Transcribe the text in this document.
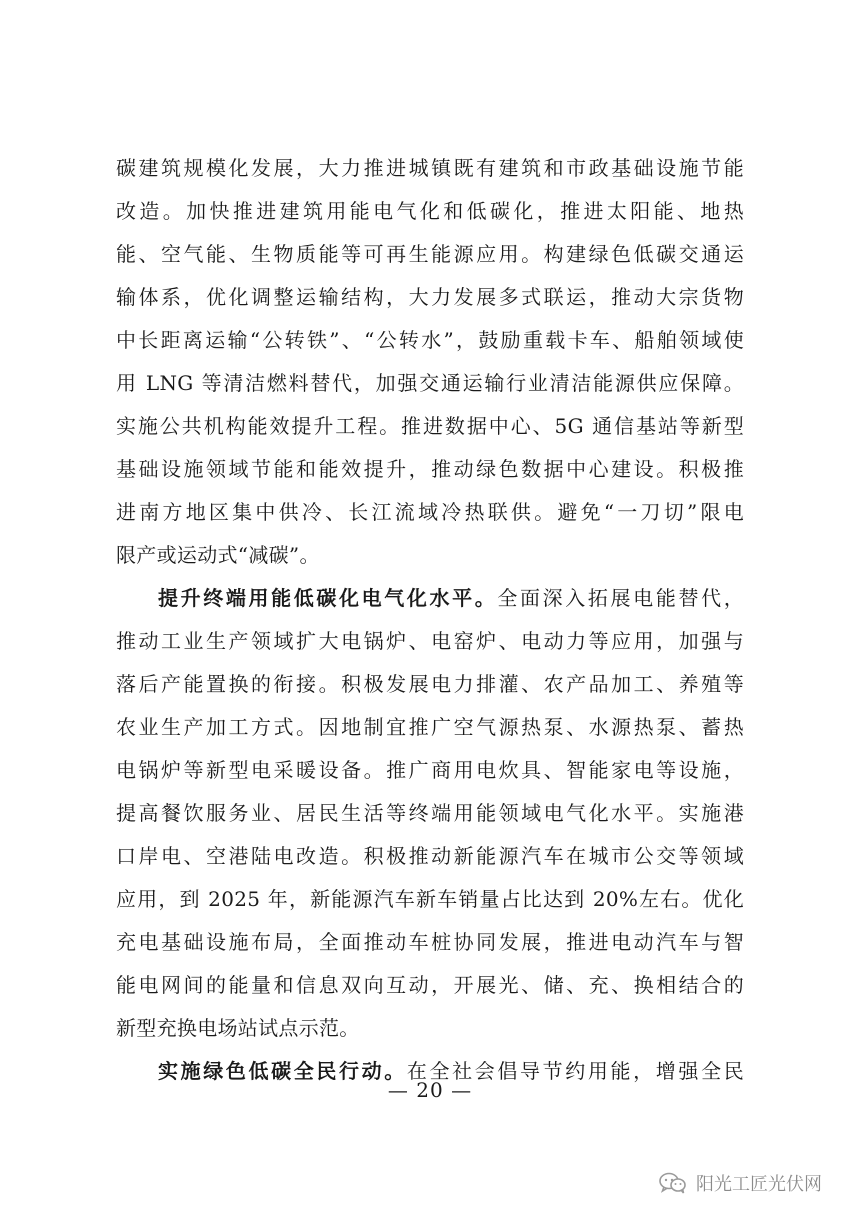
碳建筑规模化发展，大力推进城镇既有建筑和市政基础设施节能
改造。加快推进建筑用能电气化和低碳化，推进太阳能、地热
能、空气能、生物质能等可再生能源应用。构建绿色低碳交通运
输体系，优化调整运输结构，大力发展多式联运，推动大宗货物
中长距离运输“公转铁”、“公转水”，鼓励重载卡车、船舶领域使
用 LNG 等清洁燃料替代，加强交通运输行业清洁能源供应保障。
实施公共机构能效提升工程。推进数据中心、5G 通信基站等新型
基础设施领域节能和能效提升，推动绿色数据中心建设。积极推
进南方地区集中供冷、长江流域冷热联供。避免“一刀切”限电
限产或运动式“减碳”。
提升终端用能低碳化电气化水平。全面深入拓展电能替代，
推动工业生产领域扩大电锅炉、电窑炉、电动力等应用，加强与
落后产能置换的衔接。积极发展电力排灌、农产品加工、养殖等
农业生产加工方式。因地制宜推广空气源热泵、水源热泵、蓄热
电锅炉等新型电采暖设备。推广商用电炊具、智能家电等设施，
提高餐饮服务业、居民生活等终端用能领域电气化水平。实施港
口岸电、空港陆电改造。积极推动新能源汽车在城市公交等领域
应用，到 2025 年，新能源汽车新车销量占比达到 20%左右。优化
充电基础设施布局，全面推动车桩协同发展，推进电动汽车与智
能电网间的能量和信息双向互动，开展光、储、充、换相结合的
新型充换电场站试点示范。
实施绿色低碳全民行动。在全社会倡导节约用能，增强全民
— 20 —
阳光工匠光伏网
